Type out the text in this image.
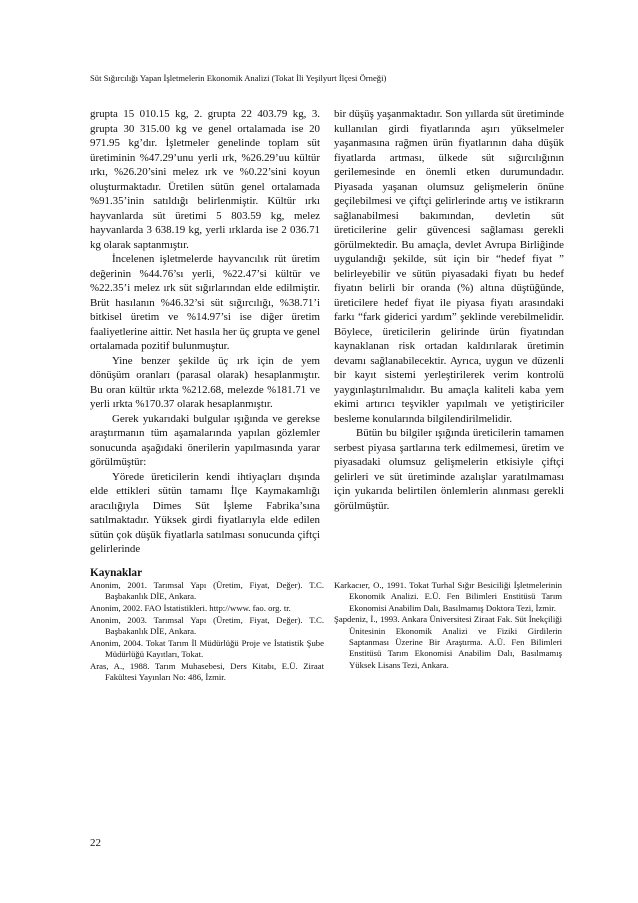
Süt Sığırcılığı Yapan İşletmelerin Ekonomik Analizi (Tokat İli Yeşilyurt İlçesi Örneği)

grupta 15 010.15 kg, 2. grupta 22 403.79 kg, 3. grupta 30 315.00 kg ve genel ortalamada ise 20 971.95 kg’dır. İşletmeler genelinde toplam süt üretiminin %47.29’unu yerli ırk, %26.29’uu kültür ırkı, %26.20’sini melez ırk ve %0.22’sini koyun oluşturmaktadır. Üretilen sütün genel ortalamada %91.35’inin satıldığı belirlenmiştir. Kültür ırkı hayvanlarda süt üretimi 5 803.59 kg, melez hayvanlarda 3 638.19 kg, yerli ırklarda ise 2 036.71 kg olarak saptanmıştır.

İncelenen işletmelerde hayvancılık rüt üretim değerinin %44.76’sı yerli, %22.47’si kültür ve %22.35’i melez ırk süt sığırlarından elde edilmiştir. Brüt hasılanın %46.32’si süt sığırcılığı, %38.71’i bitkisel üretim ve %14.97’si ise diğer üretim faaliyetlerine aittir. Net hasıla her üç grupta ve genel ortalamada pozitif bulunmuştur.

Yine benzer şekilde üç ırk için de yem dönüşüm oranları (parasal olarak) hesaplanmıştır. Bu oran kültür ırkta %212.68, melezde %181.71 ve yerli ırkta %170.37 olarak hesaplanmıştır.

Gerek yukarıdaki bulgular ışığında ve gerekse araştırmanın tüm aşamalarında yapılan gözlemler sonucunda aşağıdaki önerilerin yapılmasında yarar görülmüştür:

Yörede üreticilerin kendi ihtiyaçları dışında elde ettikleri sütün tamamı İlçe Kaymakamlığı aracılığıyla Dimes Süt İşleme Fabrika’sına satılmaktadır. Yüksek girdi fiyatlarıyla elde edilen sütün çok düşük fiyatlarla satılması sonucunda çiftçi gelirlerinde

bir düşüş yaşanmaktadır. Son yıllarda süt üretiminde kullanılan girdi fiyatlarında aşırı yükselmeler yaşanmasına rağmen ürün fiyatlarının daha düşük fiyatlarda artması, ülkede süt sığırcılığının gerilemesinde en önemli etken durumundadır. Piyasada yaşanan olumsuz gelişmelerin önüne geçilebilmesi ve çiftçi gelirlerinde artış ve istikrarın sağlanabilmesi bakımından, devletin süt üreticilerine gelir güvencesi sağlaması gerekli görülmektedir. Bu amaçla, devlet Avrupa Birliğinde uygulandığı şekilde, süt için bir “hedef fiyat ” belirleyebilir ve sütün piyasadaki fiyatı bu hedef fiyatın belirli bir oranda (%) altına düştüğünde, üreticilere hedef fiyat ile piyasa fiyatı arasındaki farkı “fark giderici yardım” şeklinde verebilmelidir. Böylece, üreticilerin gelirinde ürün fiyatından kaynaklanan risk ortadan kaldırılarak üretimin devamı sağlanabilecektir. Ayrıca, uygun ve düzenli bir kayıt sistemi yerleştirilerek verim kontrolü yaygınlaştırılmalıdır. Bu amaçla kaliteli kaba yem ekimi artırıcı teşvikler yapılmalı ve yetiştiriciler besleme konularında bilgilendirilmelidir.

Bütün bu bilgiler ışığında üreticilerin tamamen serbest piyasa şartlarına terk edilmemesi, üretim ve piyasadaki olumsuz gelişmelerin etkisiyle çiftçi gelirleri ve süt üretiminde azalışlar yaratılmaması için yukarıda belirtilen önlemlerin alınması gerekli görülmüştür.

Kaynaklar

Anonim, 2001. Tarımsal Yapı (Üretim, Fiyat, Değer). T.C. Başbakanlık DİE, Ankara.

Anonim, 2002. FAO İstatistikleri. http://www. fao. org. tr.

Anonim, 2003. Tarımsal Yapı (Üretim, Fiyat, Değer). T.C. Başbakanlık DİE, Ankara.

Anonim, 2004. Tokat Tarım İl Müdürlüğü Proje ve İstatistik Şube Müdürlüğü Kayıtları, Tokat.

Aras, A., 1988. Tarım Muhasebesi, Ders Kitabı, E.Ü. Ziraat Fakültesi Yayınları No: 486, İzmir.

Karkacıer, O., 1991. Tokat Turhal Sığır Besiciliği İşletmelerinin Ekonomik Analizi. E.Ü. Fen Bilimleri Enstitüsü Tarım Ekonomisi Anabilim Dalı, Basılmamış Doktora Tezi, İzmir.

Şapdeniz, İ., 1993. Ankara Üniversitesi Ziraat Fak. Süt İnekçiliği Ünitesinin Ekonomik Analizi ve Fiziki Girdilerin Saptanması Üzerine Bir Araştırma. A.Ü. Fen Bilimleri Enstitüsü Tarım Ekonomisi Anabilim Dalı, Basılmamış Yüksek Lisans Tezi, Ankara.

22
